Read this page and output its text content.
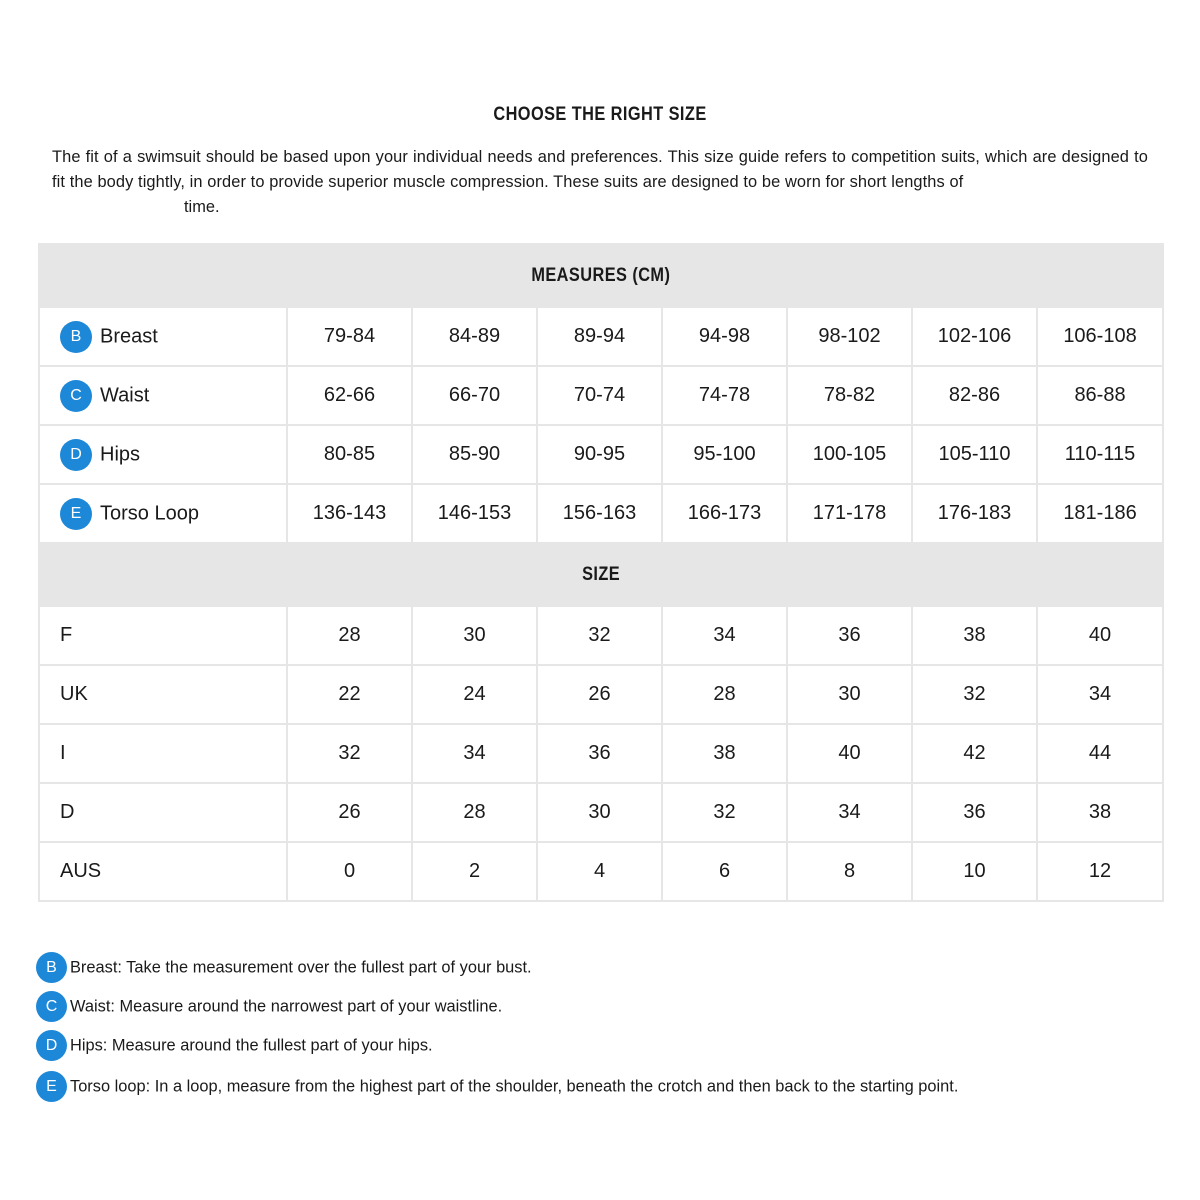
CHOOSE THE RIGHT SIZE
The fit of a swimsuit should be based upon your individual needs and preferences. This size guide refers to competition suits, which are designed to fit the body tightly, in order to provide superior muscle compression. These suits are designed to be worn for short lengths of
time.
MEASURES (CM)							
B Breast	79-84	84-89	89-94	94-98	98-102	102-106	106-108
C Waist	62-66	66-70	70-74	74-78	78-82	82-86	86-88
D Hips	80-85	85-90	90-95	95-100	100-105	105-110	110-115
E Torso Loop	136-143	146-153	156-163	166-173	171-178	176-183	181-186
SIZE							
F	28	30	32	34	36	38	40
UK	22	24	26	28	30	32	34
I	32	34	36	38	40	42	44
D	26	28	30	32	34	36	38
AUS	0	2	4	6	8	10	12
B Breast: Take the measurement over the fullest part of your bust.
C Waist: Measure around the narrowest part of your waistline.
D Hips: Measure around the fullest part of your hips.
E Torso loop: In a loop, measure from the highest part of the shoulder, beneath the crotch and then back to the starting point.
